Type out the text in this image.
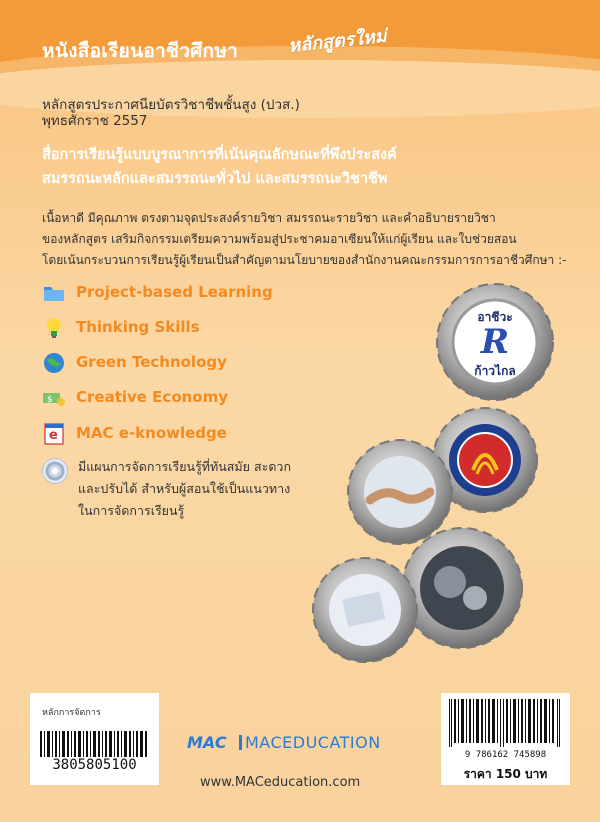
หนังสือเรียนอาชีวศึกษา	หลักสูตรใหม่
หลักสูตรประกาศนียบัตรวิชาชีพชั้นสูง (ปวส.)
พุทธศักราช 2557
สื่อการเรียนรู้แบบบูรณาการที่เน้นคุณลักษณะที่พึงประสงค์
สมรรถนะหลักและสมรรถนะทั่วไป และสมรรถนะวิชาชีพ
เนื้อหาดี มีคุณภาพ ตรงตามจุดประสงค์รายวิชา สมรรถนะรายวิชา และคำอธิบายรายวิชา
ของหลักสูตร เสริมกิจกรรมเตรียมความพร้อมสู่ประชาคมอาเซียนให้แก่ผู้เรียน และใบช่วยสอน
โดยเน้นกระบวนการเรียนรู้ผู้เรียนเป็นสำคัญตามนโยบายของสำนักงานคณะกรรมการการอาชีวศึกษา :-
Project-based Learning
Thinking Skills
Green Technology
$ Creative Economy
e MAC e-knowledge
มีแผนการจัดการเรียนรู้ที่ทันสมัย สะดวก
และปรับได้ สำหรับผู้สอนใช้เป็นแนวทาง
ในการจัดการเรียนรู้
อาชีวะ
R
ก้าวไกล
หลักการจัดการ
3805805100
MAC MACEDUCATION
www.MACeducation.com
9 786162 745898
ราคา 150 บาท
